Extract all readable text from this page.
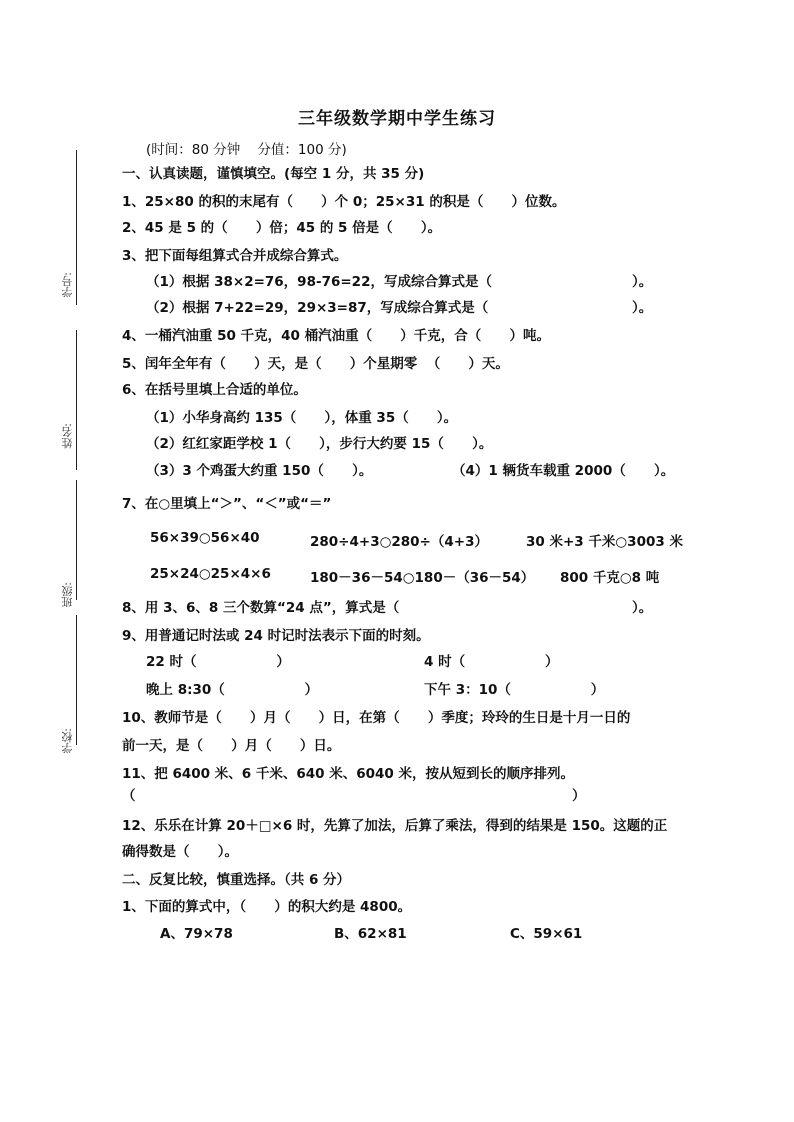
学号:
姓名:
班级:
学校:
三年级数学期中学生练习
(时间：80 分钟    分值：100 分)
一、认真读题，谨慎填空。(每空 1 分，共 35 分)
1、25×80 的积的末尾有（      ）个 0；25×31 的积是（      ）位数。
2、45 是 5 的（      ）倍；45 的 5 倍是（      ）。
3、把下面每组算式合并成综合算式。
（1）根据 38×2=76，98-76=22，写成综合算式是（	）。
（2）根据 7+22=29，29×3=87，写成综合算式是（	）。
4、一桶汽油重 50 千克，40 桶汽油重（      ）千克，合（      ）吨。
5、闰年全年有（      ）天，是（      ）个星期零  （      ）天。
6、在括号里填上合适的单位。
（1）小华身高约 135（      ），体重 35（      ）。
（2）红红家距学校 1（      ），步行大约要 15（      ）。
（3）3 个鸡蛋大约重 150（      ）。	（4）1 辆货车载重 2000（      ）。
7、在○里填上“＞”、“＜”或“＝”
56×39○56×40	280÷4+3○280÷（4+3）	30 米+3 千米○3003 米
25×24○25×4×6	180－36－54○180－（36－54） 800 千克○8 吨
8、用 3、6、8 三个数算“24 点”，算式是（	）。
9、用普通记时法或 24 时记时法表示下面的时刻。
22 时（                 ）	4 时（                 ）
晚上 8:30（                 ）	下午 3：10（                 ）
10、教师节是（      ）月（      ）日，在第（      ）季度；玲玲的生日是十月一日的
前一天，是（      ）月（      ）日。
11、把 6400 米、6 千米、640 米、6040 米，按从短到长的顺序排列。
（	）
12、乐乐在计算 20＋□×6 时，先算了加法，后算了乘法，得到的结果是 150。这题的正
确得数是（      ）。
二、反复比较，慎重选择。（共 6 分）
1、下面的算式中，（      ）的积大约是 4800。
A、79×78	B、62×81	C、59×61
